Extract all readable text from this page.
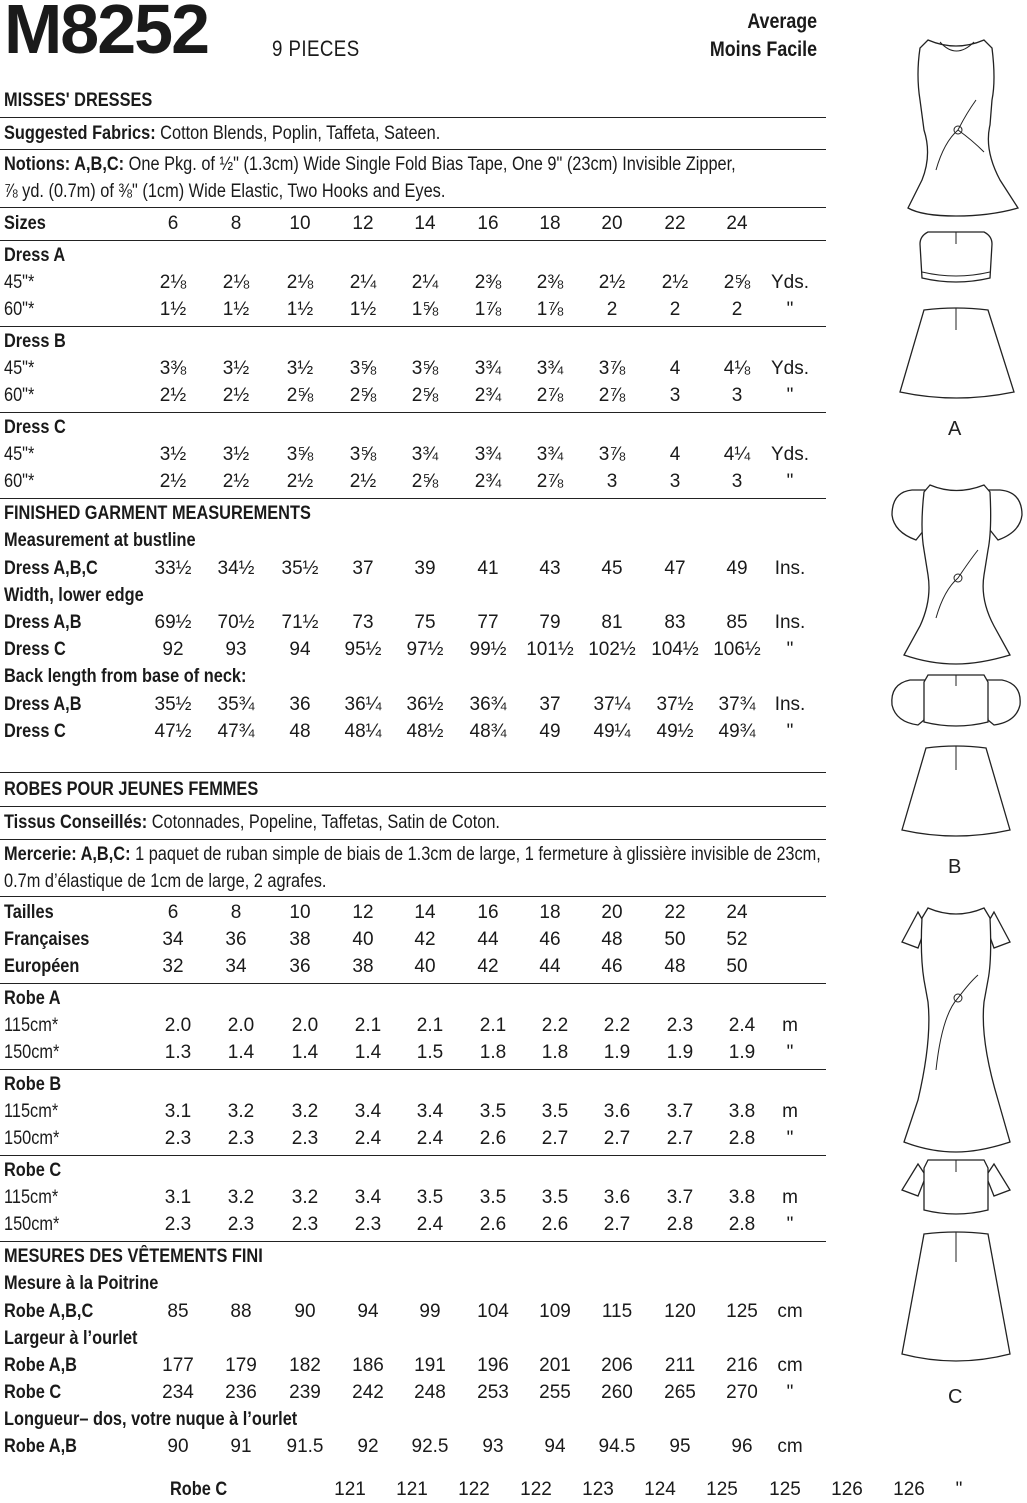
M8252	9 PIECES
Average
Moins Facile
MISSES' DRESSES
Suggested Fabrics: Cotton Blends, Poplin, Taffeta, Sateen.
Notions: A,B,C: One Pkg. of ½" (1.3cm) Wide Single Fold Bias Tape, One 9" (23cm) Invisible Zipper,
⅞ yd. (0.7m) of ⅜" (1cm) Wide Elastic, Two Hooks and Eyes.
Sizes	6	8	10	12	14	16	18	20	22	24
Dress A
45"*	2⅛	2⅛	2⅛	2¼	2¼	2⅜	2⅜	2½	2½	2⅝	Yds.
60"*	1½	1½	1½	1½	1⅝	1⅞	1⅞	2	2	2	"
Dress B
45"*	3⅜	3½	3½	3⅝	3⅝	3¾	3¾	3⅞	4	4⅛	Yds.
60"*	2½	2½	2⅝	2⅝	2⅝	2¾	2⅞	2⅞	3	3	"
Dress C
45"*	3½	3½	3⅝	3⅝	3¾	3¾	3¾	3⅞	4	4¼	Yds.
60"*	2½	2½	2½	2½	2⅝	2¾	2⅞	3	3	3	"
FINISHED GARMENT MEASUREMENTS
Measurement at bustline
Dress A,B,C	33½	34½	35½	37	39	41	43	45	47	49	Ins.
Width, lower edge
Dress A,B	69½	70½	71½	73	75	77	79	81	83	85	Ins.
Dress C	92	93	94	95½	97½	99½	101½ 102½ 104½ 106½	"
Back length from base of neck:
Dress A,B	35½	35¾	36	36¼	36½	36¾	37	37¼	37½	37¾	Ins.
Dress C	47½	47¾	48	48¼	48½	48¾	49	49¼	49½	49¾	"
ROBES POUR JEUNES FEMMES
Tissus Conseillés: Cotonnades, Popeline, Taffetas, Satin de Coton.
Mercerie: A,B,C: 1 paquet de ruban simple de biais de 1.3cm de large, 1 fermeture à glissière invisible de 23cm,
0.7m d’élastique de 1cm de large, 2 agrafes.
Tailles	6	8	10	12	14	16	18	20	22	24
Françaises	34	36	38	40	42	44	46	48	50	52
Européen	32	34	36	38	40	42	44	46	48	50
Robe A
115cm*	2.0	2.0	2.0	2.1	2.1	2.1	2.2	2.2	2.3	2.4	m
150cm*	1.3	1.4	1.4	1.4	1.5	1.8	1.8	1.9	1.9	1.9	"
Robe B
115cm*	3.1	3.2	3.2	3.4	3.4	3.5	3.5	3.6	3.7	3.8	m
150cm*	2.3	2.3	2.3	2.4	2.4	2.6	2.7	2.7	2.7	2.8	"
Robe C
115cm*	3.1	3.2	3.2	3.4	3.5	3.5	3.5	3.6	3.7	3.8	m
150cm*	2.3	2.3	2.3	2.3	2.4	2.6	2.6	2.7	2.8	2.8	"
MESURES DES VÊTEMENTS FINI
Mesure à la Poitrine
Robe A,B,C	85	88	90	94	99	104	109	115	120	125	cm
Largeur à l’ourlet
Robe A,B	177	179	182	186	191	196	201	206	211	216	cm
Robe C	234	236	239	242	248	253	255	260	265	270	"
Longueur– dos, votre nuque à l’ourlet
Robe A,B	90	91	91.5	92	92.5	93	94	94.5	95	96	cm
Robe C	121	121	122	122	123	124	125	125	126	126	"
A
B
C
